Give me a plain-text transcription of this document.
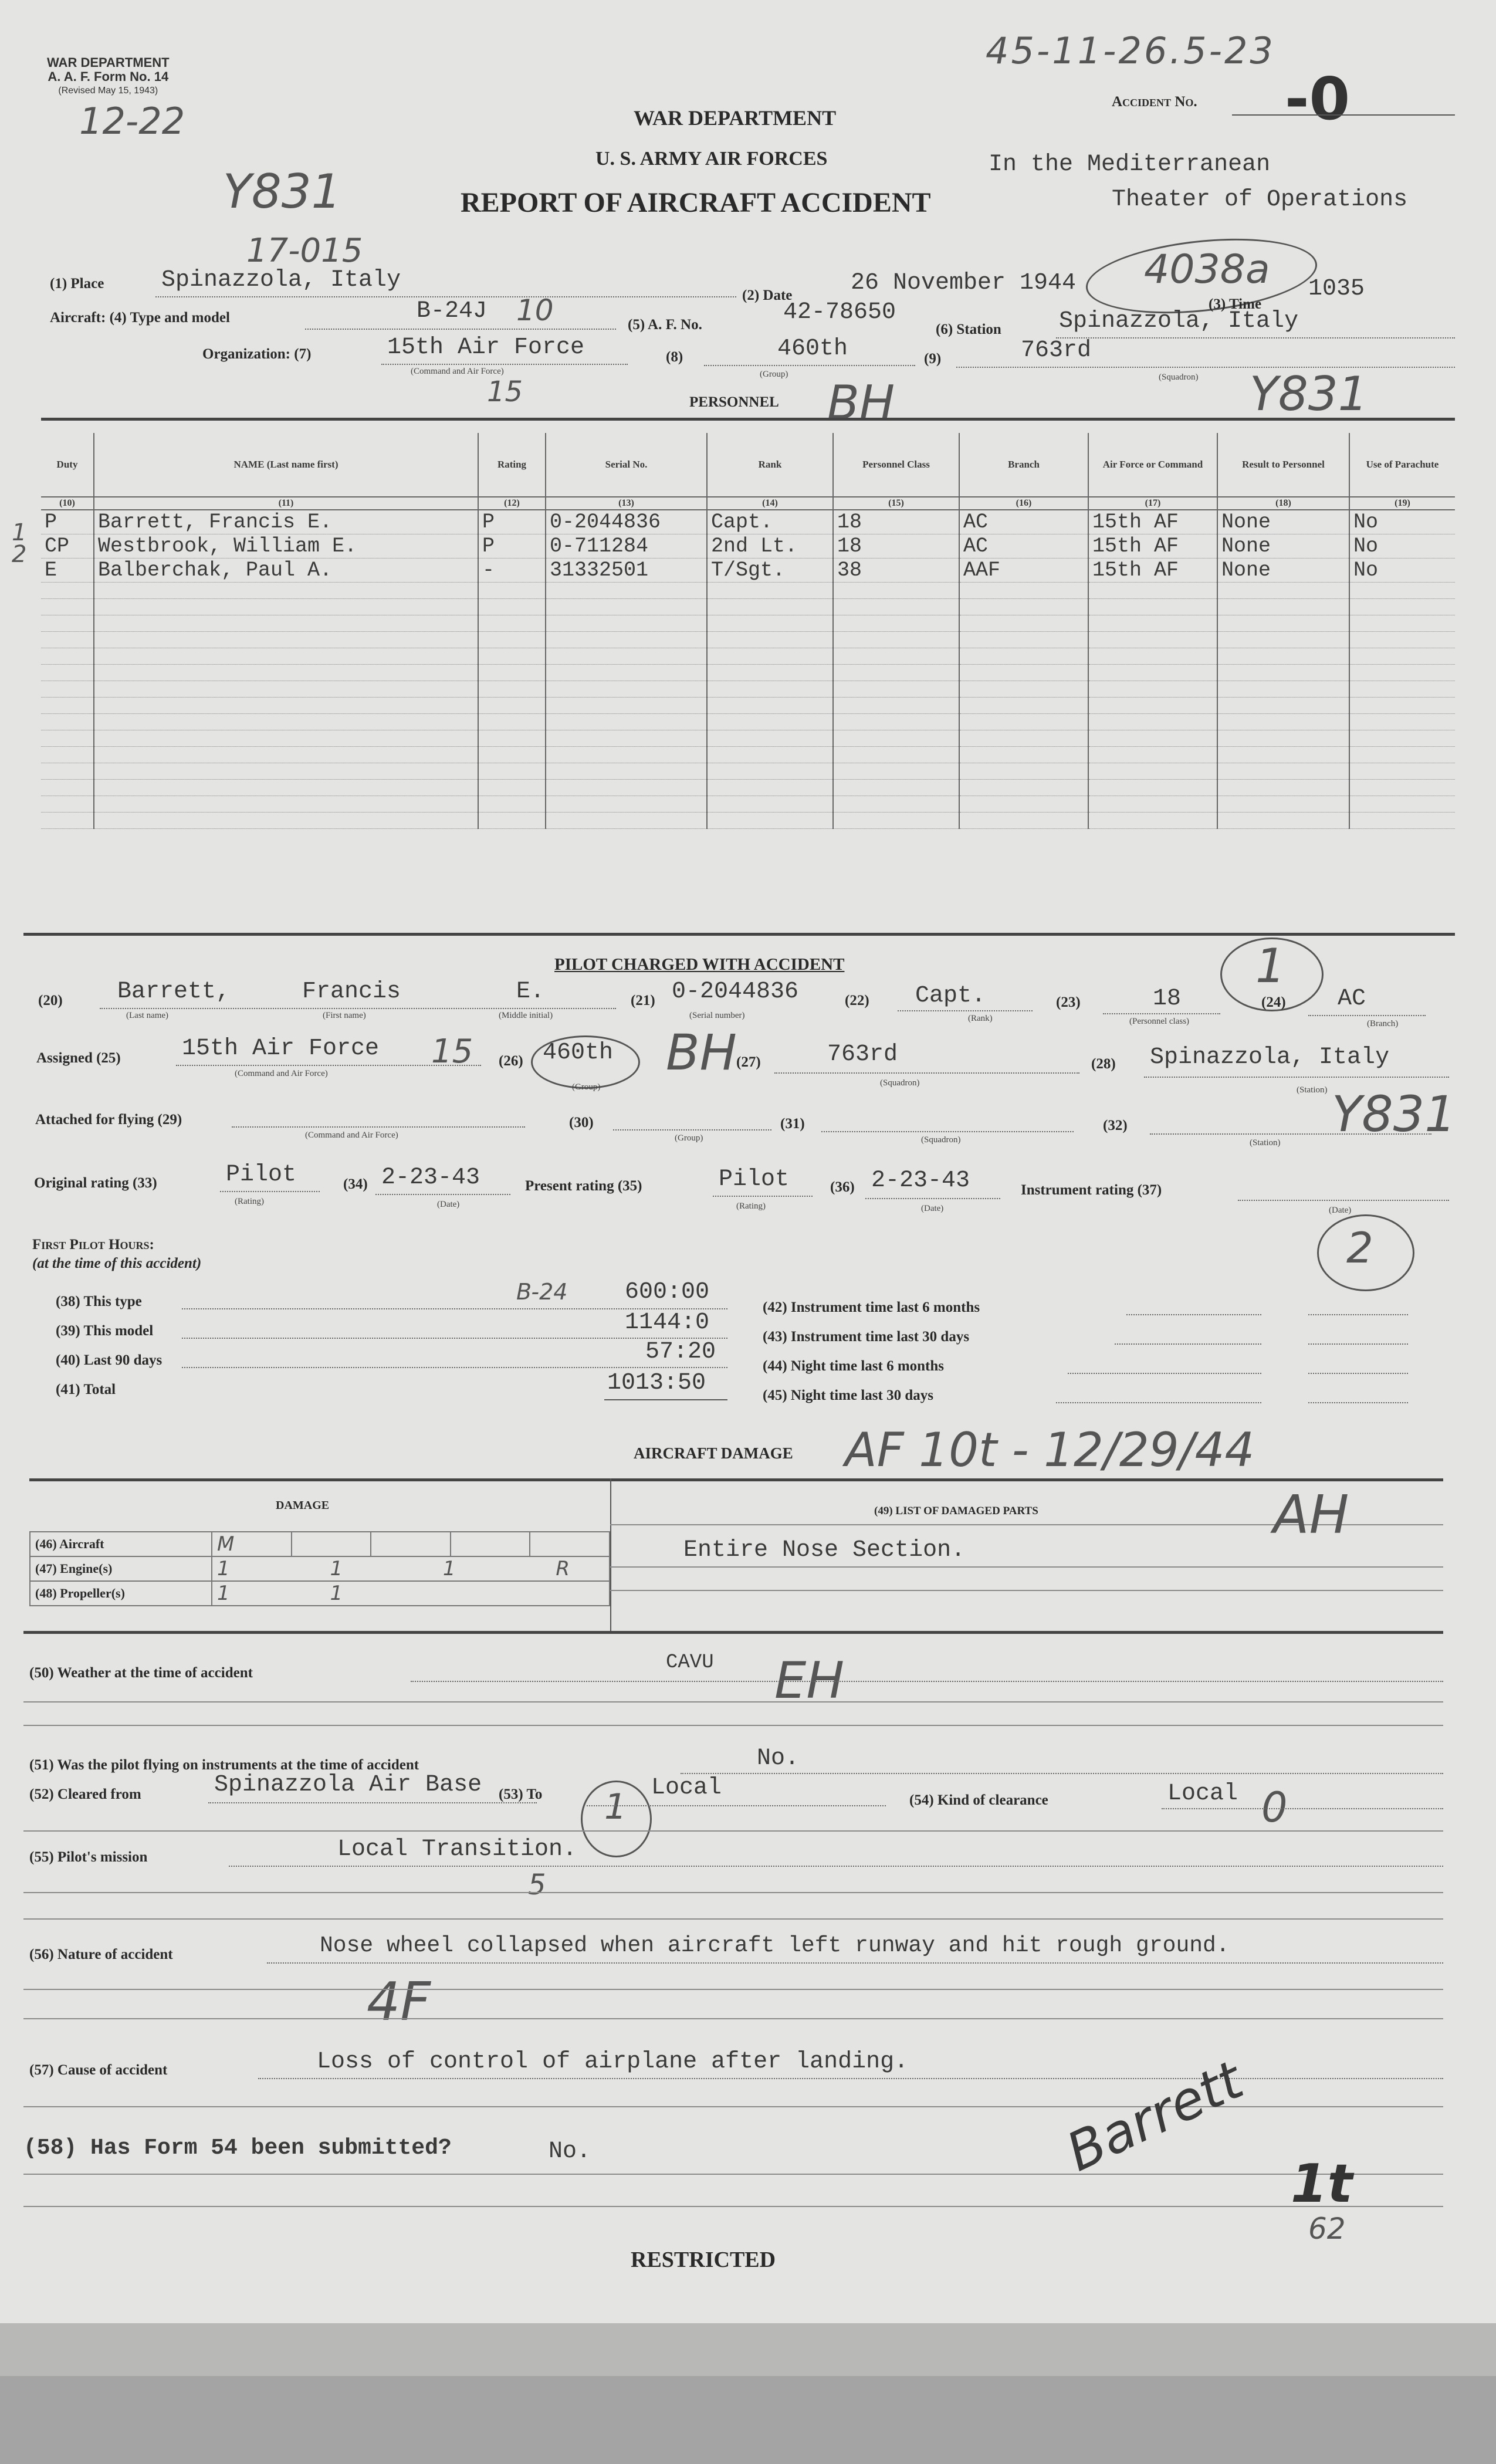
WAR DEPARTMENT
A. A. F. Form No. 14
(Revised May 15, 1943)
12-22
45-11-26.5-23
Accident No. -0
WAR DEPARTMENT
U. S. ARMY AIR FORCES
REPORT OF AIRCRAFT ACCIDENT
In the Mediterranean
Theater of Operations
Y831
17-015
(1) Place Spinazzola, Italy
(2) Date 26 November 1944 4038a
(3) Time
1035
Aircraft: (4) Type and model	B-24J 10	(5) A. F. No.	42-78650
(6) Station Spinazzola, Italy
Organization: (7)	15th Air Force
(Command and Air Force)
15
(8)	460th
(Group)
(9)	763rd
(Squadron) Y831
PERSONNEL BH
Duty	NAME (Last name first)	Rating	Serial No.	Rank	Personnel Class	Branch	Air Force or Command	Result to Personnel	Use of Parachute
(10)	(11)	(12)	(13)	(14)	(15)	(16)	(17)	(18)	(19)
P	Barrett, Francis E.	P	0-2044836	Capt.	18	AC	15th AF	None	No
CP	Westbrook, William E.	P	0-711284	2nd Lt.	18	AC	15th AF	None	No
E	Balberchak, Paul A.	-	31332501	T/Sgt.	38	AAF	15th AF	None	No

1
2
PILOT CHARGED WITH ACCIDENT	1
(20) Barrett,	Francis	E.
(Last name)	(First name)	(Middle initial)
(21) 0-2044836
(Serial number)
(22) Capt.
(Rank)
(23)	18
(Personnel class)
(24) AC
(Branch)
Assigned (25)	15th Air Force 15
(Command and Air Force)
(26) 460th BH
(Group)
(27)	763rd
(Squadron)
(28) Spinazzola, Italy
(Station)
Attached for flying (29)
(Command and Air Force)
(30)
(Group)
(31)
(Squadron)
(32)
(Station) Y831
Original rating (33)	Pilot
(Rating)
(34) 2-23-43
(Date)
Present rating (35)	Pilot
(Rating)
(36) 2-23-43
(Date)
Instrument rating (37)
(Date)
2
First Pilot Hours:
(at the time of this accident)
B-24
(38) This type	600:00
(39) This model	1144:0
(40) Last 90 days	57:20
(41) Total	1013:50
(42) Instrument time last 6 months
(43) Instrument time last 30 days
(44) Night time last 6 months
(45) Night time last 30 days
AIRCRAFT DAMAGE AF 10t - 12/29/44
DAMAGE
(46) Aircraft	M				
(47) Engine(s)	1 1 1 R				
(48) Propeller(s)	1 1				
(49) LIST OF DAMAGED PARTS
Entire Nose Section.
AH
(50) Weather at the time of accident	CAVU EH
(51) Was the pilot flying on instruments at the time of accident	No.
(52) Cleared from	Spinazzola Air Base (53) To 1 Local	(54) Kind of clearance	Local 0
(55) Pilot's mission	Local Transition.
5
(56) Nature of accident	Nose wheel collapsed when aircraft left runway and hit rough ground.
4F
(57) Cause of accident	Loss of control of airplane after landing.
(58) Has Form 54 been submitted?	No.	Barrett
1t
62
RESTRICTED
